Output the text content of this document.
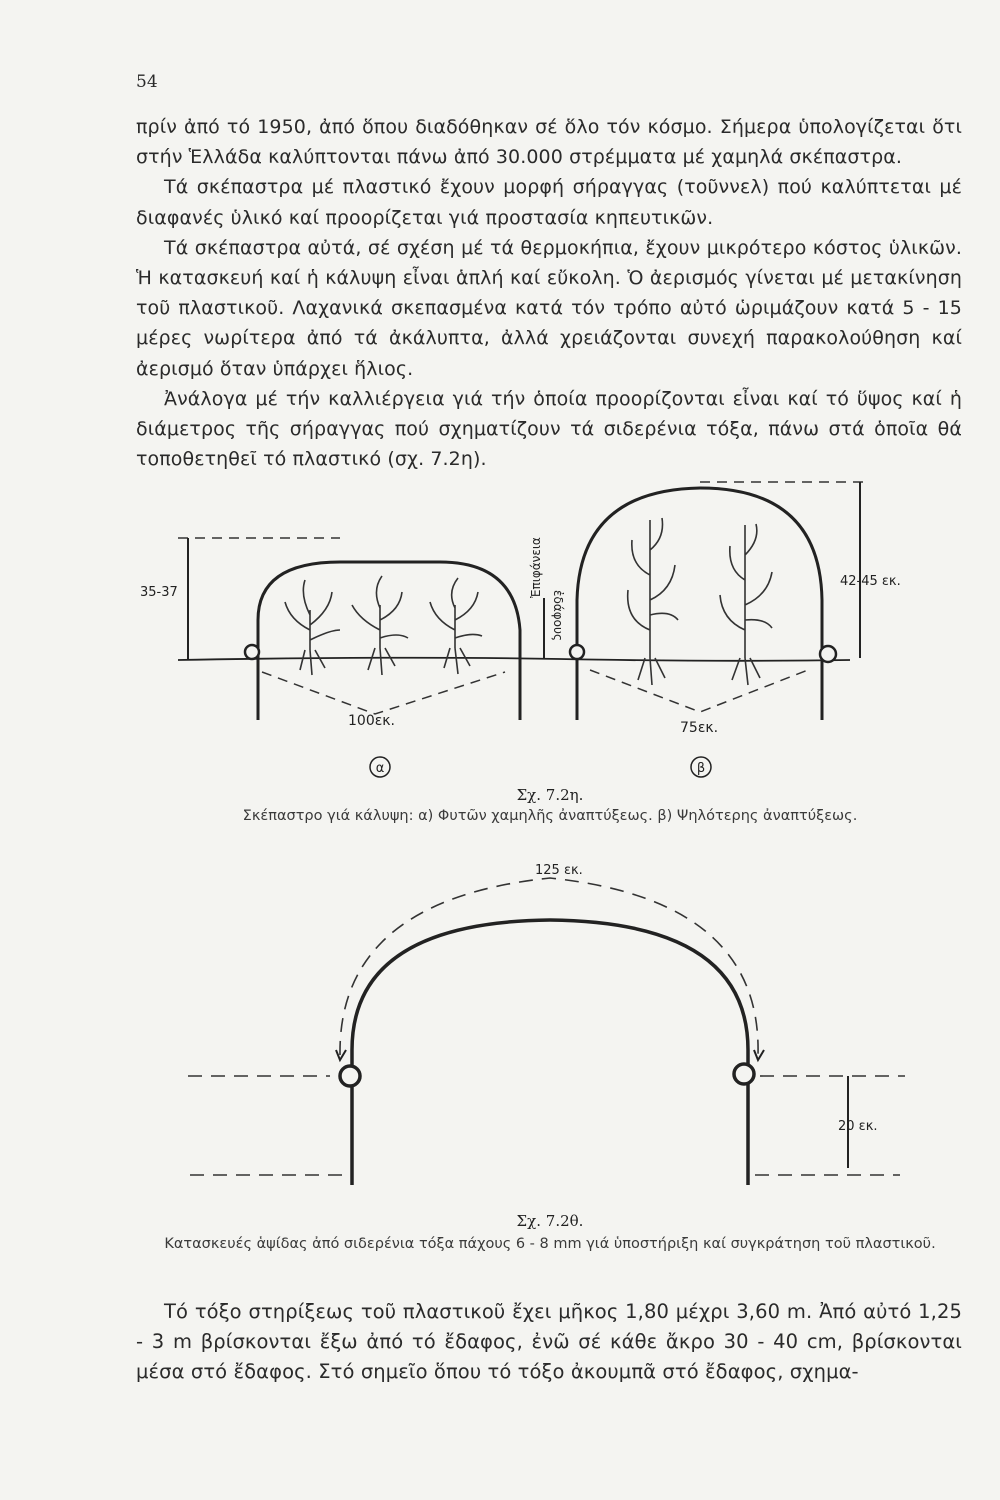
54

πρίν ἀπό τό 1950, ἀπό ὅπου διαδόθηκαν σέ ὅλο τόν κόσμο. Σήμερα ὑπολογίζεται ὅτι στήν Ἑλλάδα καλύπτονται πάνω ἀπό 30.000 στρέμματα μέ χαμηλά σκέπαστρα.

Τά σκέπαστρα μέ πλαστικό ἔχουν μορφή σήραγγας (τοῦννελ) πού καλύπτεται μέ διαφανές ὑλικό καί προορίζεται γιά προστασία κηπευτικῶν.

Τά σκέπαστρα αὐτά, σέ σχέση μέ τά θερμοκήπια, ἔχουν μικρότερο κόστος ὑλικῶν. Ἡ κατασκευή καί ἡ κάλυψη εἶναι ἁπλή καί εὔκολη. Ὁ ἀερισμός γίνεται μέ μετακίνηση τοῦ πλαστικοῦ. Λαχανικά σκεπασμένα κατά τόν τρόπο αὐτό ὡριμάζουν κατά 5 - 15 μέρες νωρίτερα ἀπό τά ἀκάλυπτα, ἀλλά χρειάζονται συνεχή παρακολούθηση καί ἀερισμό ὅταν ὑπάρχει ἥλιος.

Ἀνάλογα μέ τήν καλλιέργεια γιά τήν ὁποία προορίζονται εἶναι καί τό ὕψος καί ἡ διάμετρος τῆς σήραγγας πού σχηματίζουν τά σιδερένια τόξα, πάνω στά ὁποῖα θά τοποθετηθεῖ τό πλαστικό (σχ. 7.2η).

35-37
100εκ.
Ἐπιφάνεια
ἐδάφους
42-45 εκ.
75εκ.
α	β
Σχ. 7.2η.
Σκέπαστρο γιά κάλυψη: α) Φυτῶν χαμηλῆς ἀναπτύξεως. β) Ψηλότερης ἀναπτύξεως.
125 εκ.
20 εκ.
Σχ. 7.2θ.
Κατασκευές ἁψίδας ἀπό σιδερένια τόξα πάχους 6 - 8 mm γιά ὑποστήριξη καί συγκράτηση τοῦ πλαστικοῦ.

Τό τόξο στηρίξεως τοῦ πλαστικοῦ ἔχει μῆκος 1,80 μέχρι 3,60 m. Ἀπό αὐτό 1,25 - 3 m βρίσκονται ἔξω ἀπό τό ἔδαφος, ἐνῶ σέ κάθε ἄκρο 30 - 40 cm, βρίσκονται μέσα στό ἔδαφος. Στό σημεῖο ὅπου τό τόξο ἀκουμπᾶ στό ἔδαφος, σχημα-
